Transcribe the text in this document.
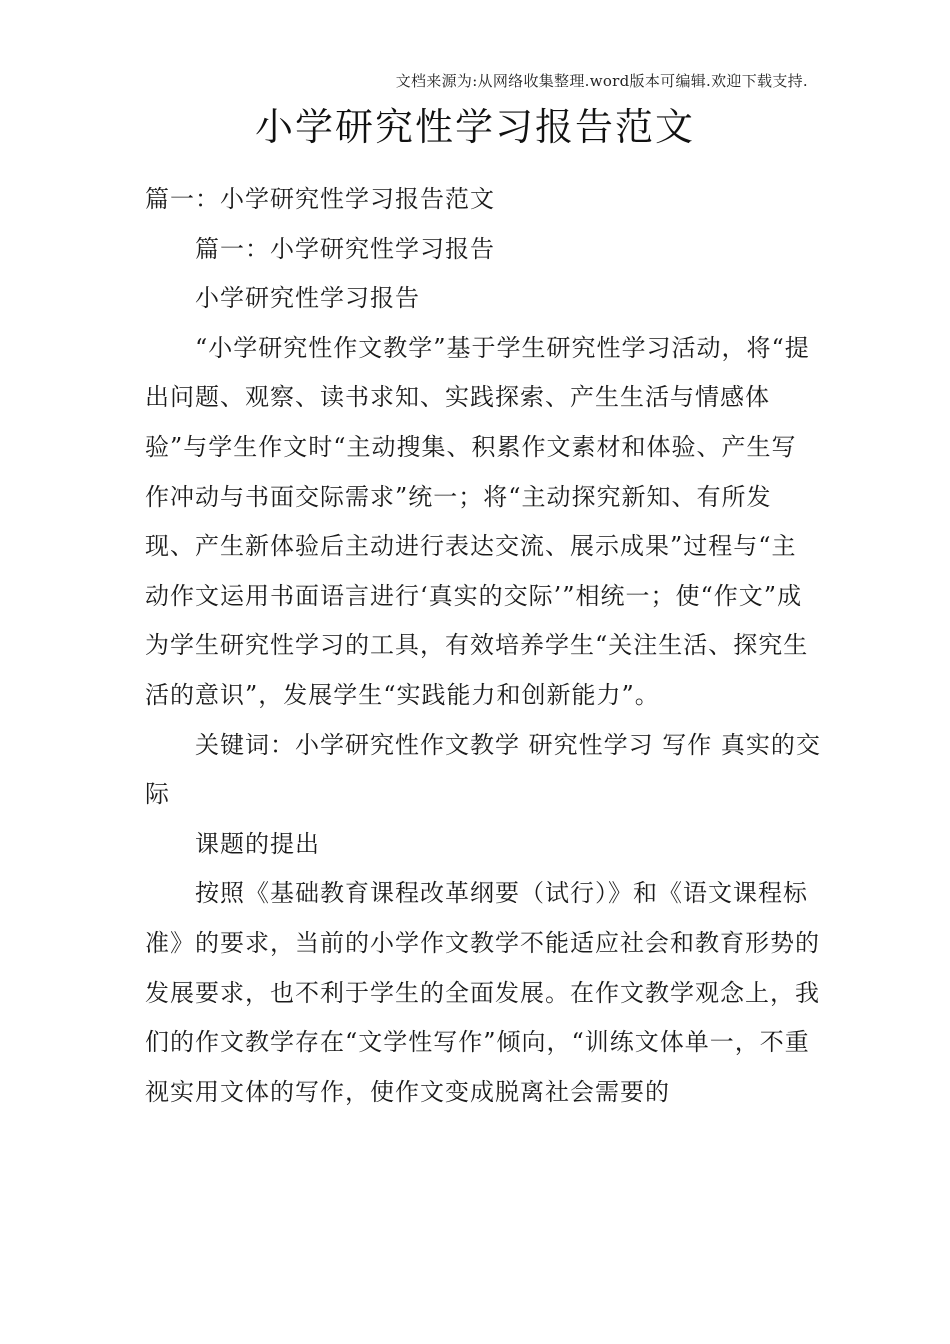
文档来源为:从网络收集整理.word版本可编辑.欢迎下载支持.
小学研究性学习报告范文

篇一：小学研究性学习报告范文

篇一：小学研究性学习报告

小学研究性学习报告

“小学研究性作文教学”基于学生研究性学习活动，将“提出问题、观察、读书求知、实践探索、产生生活与情感体验”与学生作文时“主动搜集、积累作文素材和体验、产生写作冲动与书面交际需求”统一；将“主动探究新知、有所发现、产生新体验后主动进行表达交流、展示成果”过程与“主动作文运用书面语言进行‘真实的交际’”相统一；使“作文”成为学生研究性学习的工具，有效培养学生“关注生活、探究生活的意识”，发展学生“实践能力和创新能力”。

关键词：小学研究性作文教学 研究性学习 写作 真实的交际

课题的提出

按照《基础教育课程改革纲要（试行）》和《语文课程标准》的要求，当前的小学作文教学不能适应社会和教育形势的发展要求，也不利于学生的全面发展。在作文教学观念上，我们的作文教学存在“文学性写作”倾向，“训练文体单一，不重视实用文体的写作，使作文变成脱离社会需要的
